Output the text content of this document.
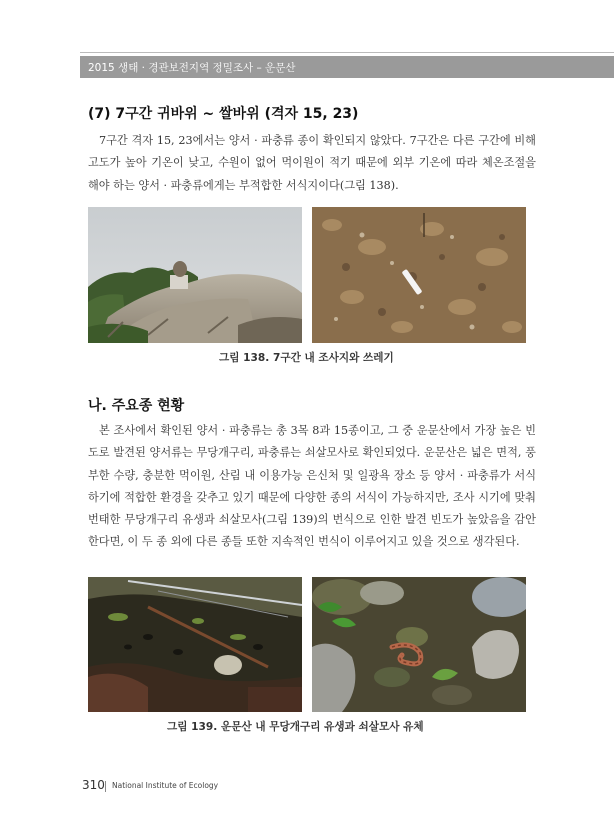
2015 생태 · 경관보전지역 정밀조사 – 운문산
(7) 7구간 귀바위 ~ 쌀바위 (격자 15, 23)

7구간 격자 15, 23에서는 양서 · 파충류 종이 확인되지 않았다. 7구간은 다른 구간에 비해 고도가 높아 기온이 낮고, 수원이 없어 먹이원이 적기 때문에 외부 기온에 따라 체온조절을 해야 하는 양서 · 파충류에게는 부적합한 서식지이다(그림 138).

그림 138. 7구간 내 조사지와 쓰레기
나. 주요종 현황

본 조사에서 확인된 양서 · 파충류는 총 3목 8과 15종이고, 그 중 운문산에서 가장 높은 빈도로 발견된 양서류는 무당개구리, 파충류는 쇠살모사로 확인되었다. 운문산은 넓은 면적, 풍부한 수량, 충분한 먹이원, 산림 내 이용가능 은신처 및 일광욕 장소 등 양서 · 파충류가 서식하기에 적합한 환경을 갖추고 있기 때문에 다양한 종의 서식이 가능하지만, 조사 시기에 맞춰 번태한 무당개구리 유생과 쇠살모사(그림 139)의 번식으로 인한 발견 빈도가 높았음을 감안한다면, 이 두 종 외에 다른 종들 또한 지속적인 번식이 이루어지고 있을 것으로 생각된다.

그림 139. 운문산 내 무당개구리 유생과 쇠살모사 유체
310 National Institute of Ecology
